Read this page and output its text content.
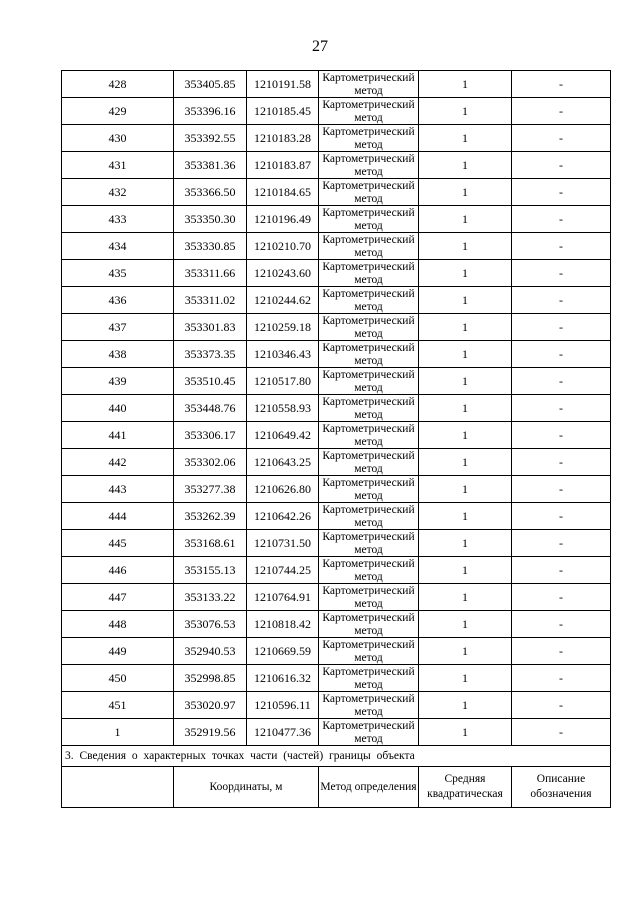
27
428	353405.85	1210191.58	Картометрический метод	1	-
429	353396.16	1210185.45	Картометрический метод	1	-
430	353392.55	1210183.28	Картометрический метод	1	-
431	353381.36	1210183.87	Картометрический метод	1	-
432	353366.50	1210184.65	Картометрический метод	1	-
433	353350.30	1210196.49	Картометрический метод	1	-
434	353330.85	1210210.70	Картометрический метод	1	-
435	353311.66	1210243.60	Картометрический метод	1	-
436	353311.02	1210244.62	Картометрический метод	1	-
437	353301.83	1210259.18	Картометрический метод	1	-
438	353373.35	1210346.43	Картометрический метод	1	-
439	353510.45	1210517.80	Картометрический метод	1	-
440	353448.76	1210558.93	Картометрический метод	1	-
441	353306.17	1210649.42	Картометрический метод	1	-
442	353302.06	1210643.25	Картометрический метод	1	-
443	353277.38	1210626.80	Картометрический метод	1	-
444	353262.39	1210642.26	Картометрический метод	1	-
445	353168.61	1210731.50	Картометрический метод	1	-
446	353155.13	1210744.25	Картометрический метод	1	-
447	353133.22	1210764.91	Картометрический метод	1	-
448	353076.53	1210818.42	Картометрический метод	1	-
449	352940.53	1210669.59	Картометрический метод	1	-
450	352998.85	1210616.32	Картометрический метод	1	-
451	353020.97	1210596.11	Картометрический метод	1	-
1	352919.56	1210477.36	Картометрический метод	1	-
3. Сведения о характерных точках части (частей) границы объекта					
	Координаты, м		Метод определения	Средняя квадратическая	Описание обозначения
